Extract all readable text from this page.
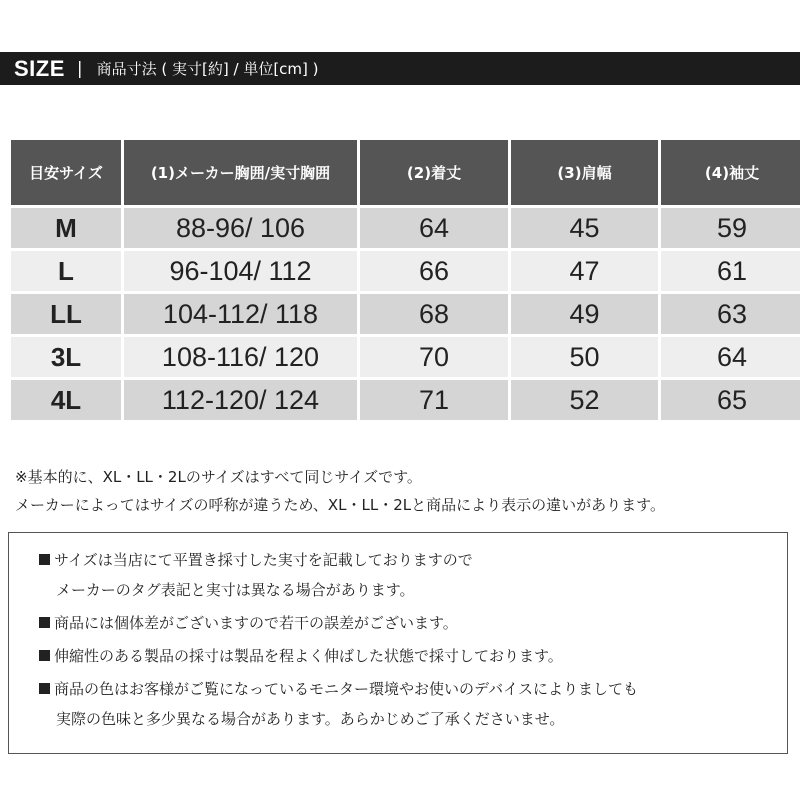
SIZE | 商品寸法 ( 実寸[約] / 単位[cm] )
目安サイズ	(1)メーカー胸囲/実寸胸囲	(2)着丈	(3)肩幅	(4)袖丈
M	88-96/ 106	64	45	59
L	96-104/ 112	66	47	61
LL	104-112/ 118	68	49	63
3L	108-116/ 120	70	50	64
4L	112-120/ 124	71	52	65
※基本的に、XL・LL・2Lのサイズはすべて同じサイズです。
メーカーによってはサイズの呼称が違うため、XL・LL・2Lと商品により表示の違いがあります。
サイズは当店にて平置き採寸した実寸を記載しておりますので
メーカーのタグ表記と実寸は異なる場合があります。
商品には個体差がございますので若干の誤差がございます。
伸縮性のある製品の採寸は製品を程よく伸ばした状態で採寸しております。
商品の色はお客様がご覧になっているモニター環境やお使いのデバイスによりましても
実際の色味と多少異なる場合があります。あらかじめご了承くださいませ。
